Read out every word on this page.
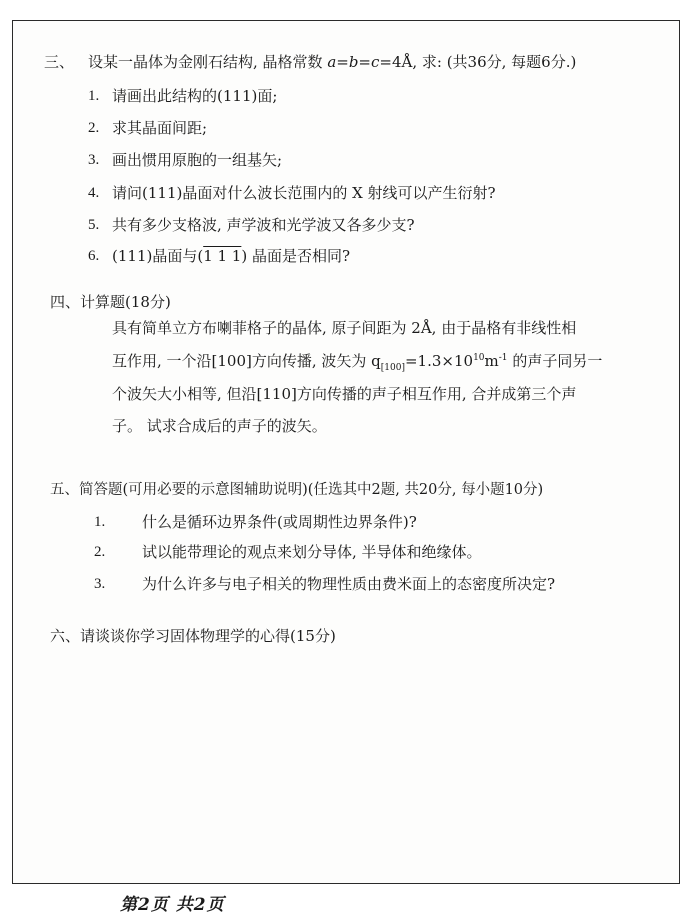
三、 设某一晶体为金刚石结构, 晶格常数 a=b=c=4Å, 求: (共36分, 每题6分.)
1. 请画出此结构的(111)面;
2. 求其晶面间距;
3. 画出惯用原胞的一组基矢;
4. 请问(111)晶面对什么波长范围内的 X 射线可以产生衍射?
5. 共有多少支格波, 声学波和光学波又各多少支?
6. (111)晶面与(1 1 1) 晶面是否相同?
四、计算题(18分)
具有简单立方布喇菲格子的晶体, 原子间距为 2Å, 由于晶格有非线性相
互作用, 一个沿[100]方向传播, 波矢为 $q_{[100]}=1.3\times 10^{10}m^{-1}$ 的声子同另一
个波矢大小相等, 但沿[110]方向传播的声子相互作用, 合并成第三个声
子。 试求合成后的声子的波矢。
五、简答题(可用必要的示意图辅助说明)(任选其中2题, 共20分, 每小题10分)
1. 什么是循环边界条件(或周期性边界条件)?
2. 试以能带理论的观点来划分导体, 半导体和绝缘体。
3. 为什么许多与电子相关的物理性质由费米面上的态密度所决定?
六、请谈谈你学习固体物理学的心得(15分)
第2页 共2页
